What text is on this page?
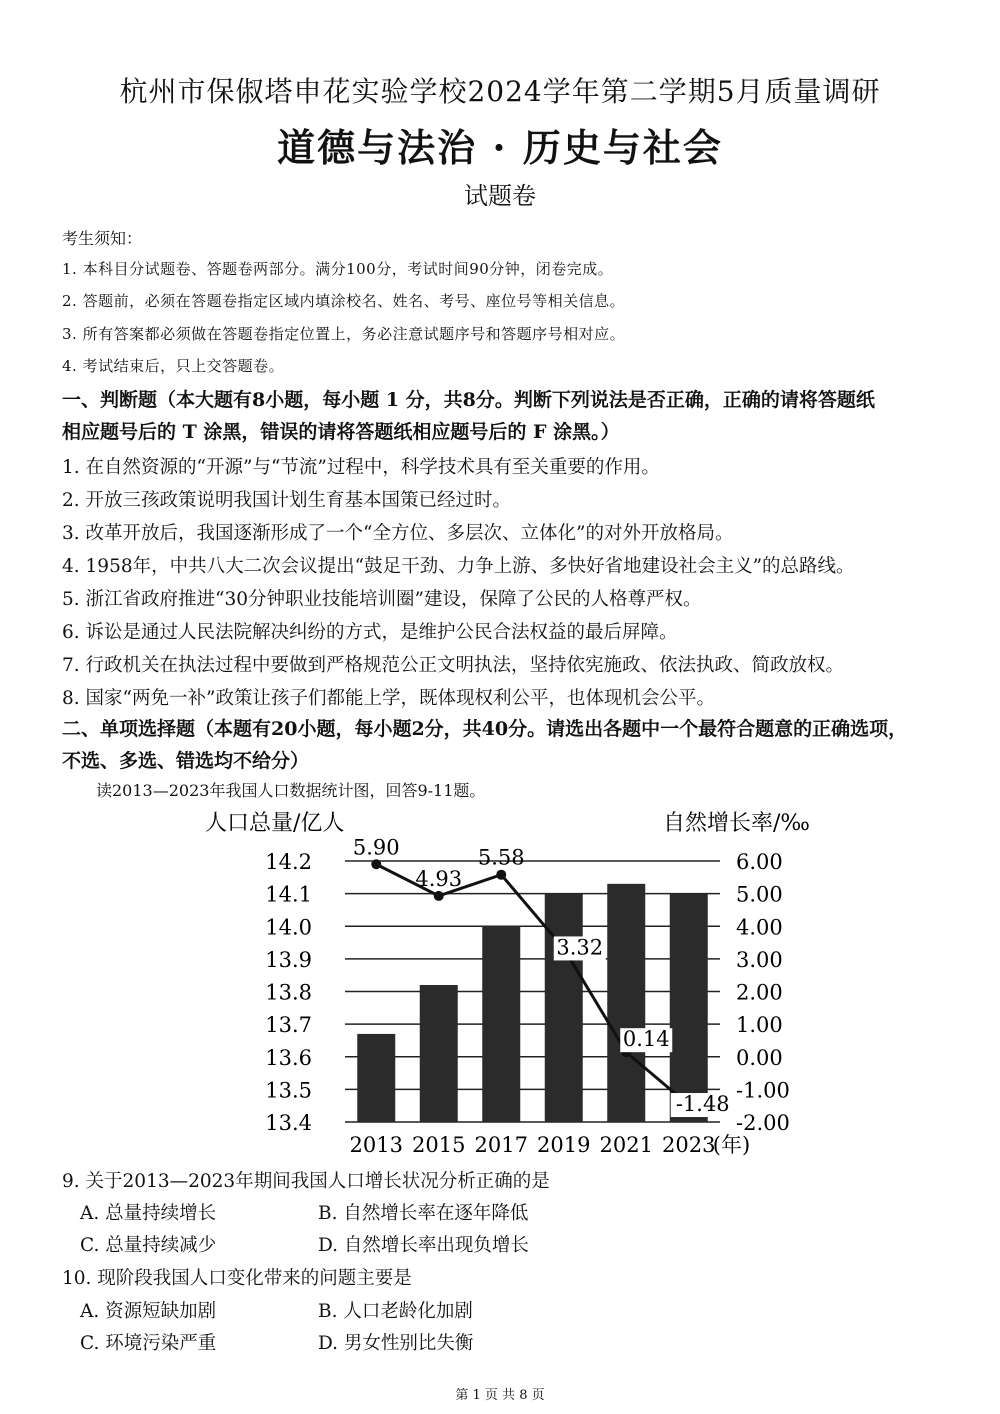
杭州市保俶塔申花实验学校2024学年第二学期5月质量调研
道德与法治 · 历史与社会
试题卷
考生须知：
1. 本科目分试题卷、答题卷两部分。满分100分，考试时间90分钟，闭卷完成。
2. 答题前，必须在答题卷指定区域内填涂校名、姓名、考号、座位号等相关信息。
3. 所有答案都必须做在答题卷指定位置上，务必注意试题序号和答题序号相对应。
4. 考试结束后，只上交答题卷。
一、判断题（本大题有8小题，每小题 1 分，共8分。判断下列说法是否正确，正确的请将答题纸
相应题号后的 T 涂黑，错误的请将答题纸相应题号后的 F 涂黑。）
1. 在自然资源的“开源”与“节流”过程中，科学技术具有至关重要的作用。
2. 开放三孩政策说明我国计划生育基本国策已经过时。
3. 改革开放后，我国逐渐形成了一个“全方位、多层次、立体化”的对外开放格局。
4. 1958年，中共八大二次会议提出“鼓足干劲、力争上游、多快好省地建设社会主义”的总路线。
5. 浙江省政府推进“30分钟职业技能培训圈”建设，保障了公民的人格尊严权。
6. 诉讼是通过人民法院解决纠纷的方式，是维护公民合法权益的最后屏障。
7. 行政机关在执法过程中要做到严格规范公正文明执法，坚持依宪施政、依法执政、简政放权。
8. 国家“两免一补”政策让孩子们都能上学，既体现权利公平，也体现机会公平。
二、单项选择题（本题有20小题，每小题2分，共40分。请选出各题中一个最符合题意的正确选项，
不选、多选、错选均不给分）
读2013—2023年我国人口数据统计图，回答9-11题。
人口总量/亿人	自然增长率/‰
5.90
4.93
5.58
3.32
0.14
-1.48
14.2	6.00
14.1	5.00
14.0	4.00
13.9	3.00
13.8	2.00
13.7	1.00
13.6	0.00
13.5	-1.00
13.4	-2.00
2013 2015 2017 2019 2021 2023
(年)
9. 关于2013—2023年期间我国人口增长状况分析正确的是
A. 总量持续增长	B. 自然增长率在逐年降低
C. 总量持续减少	D. 自然增长率出现负增长
10. 现阶段我国人口变化带来的问题主要是
A. 资源短缺加剧	B. 人口老龄化加剧
C. 环境污染严重	D. 男女性别比失衡
第 1 页 共 8 页
